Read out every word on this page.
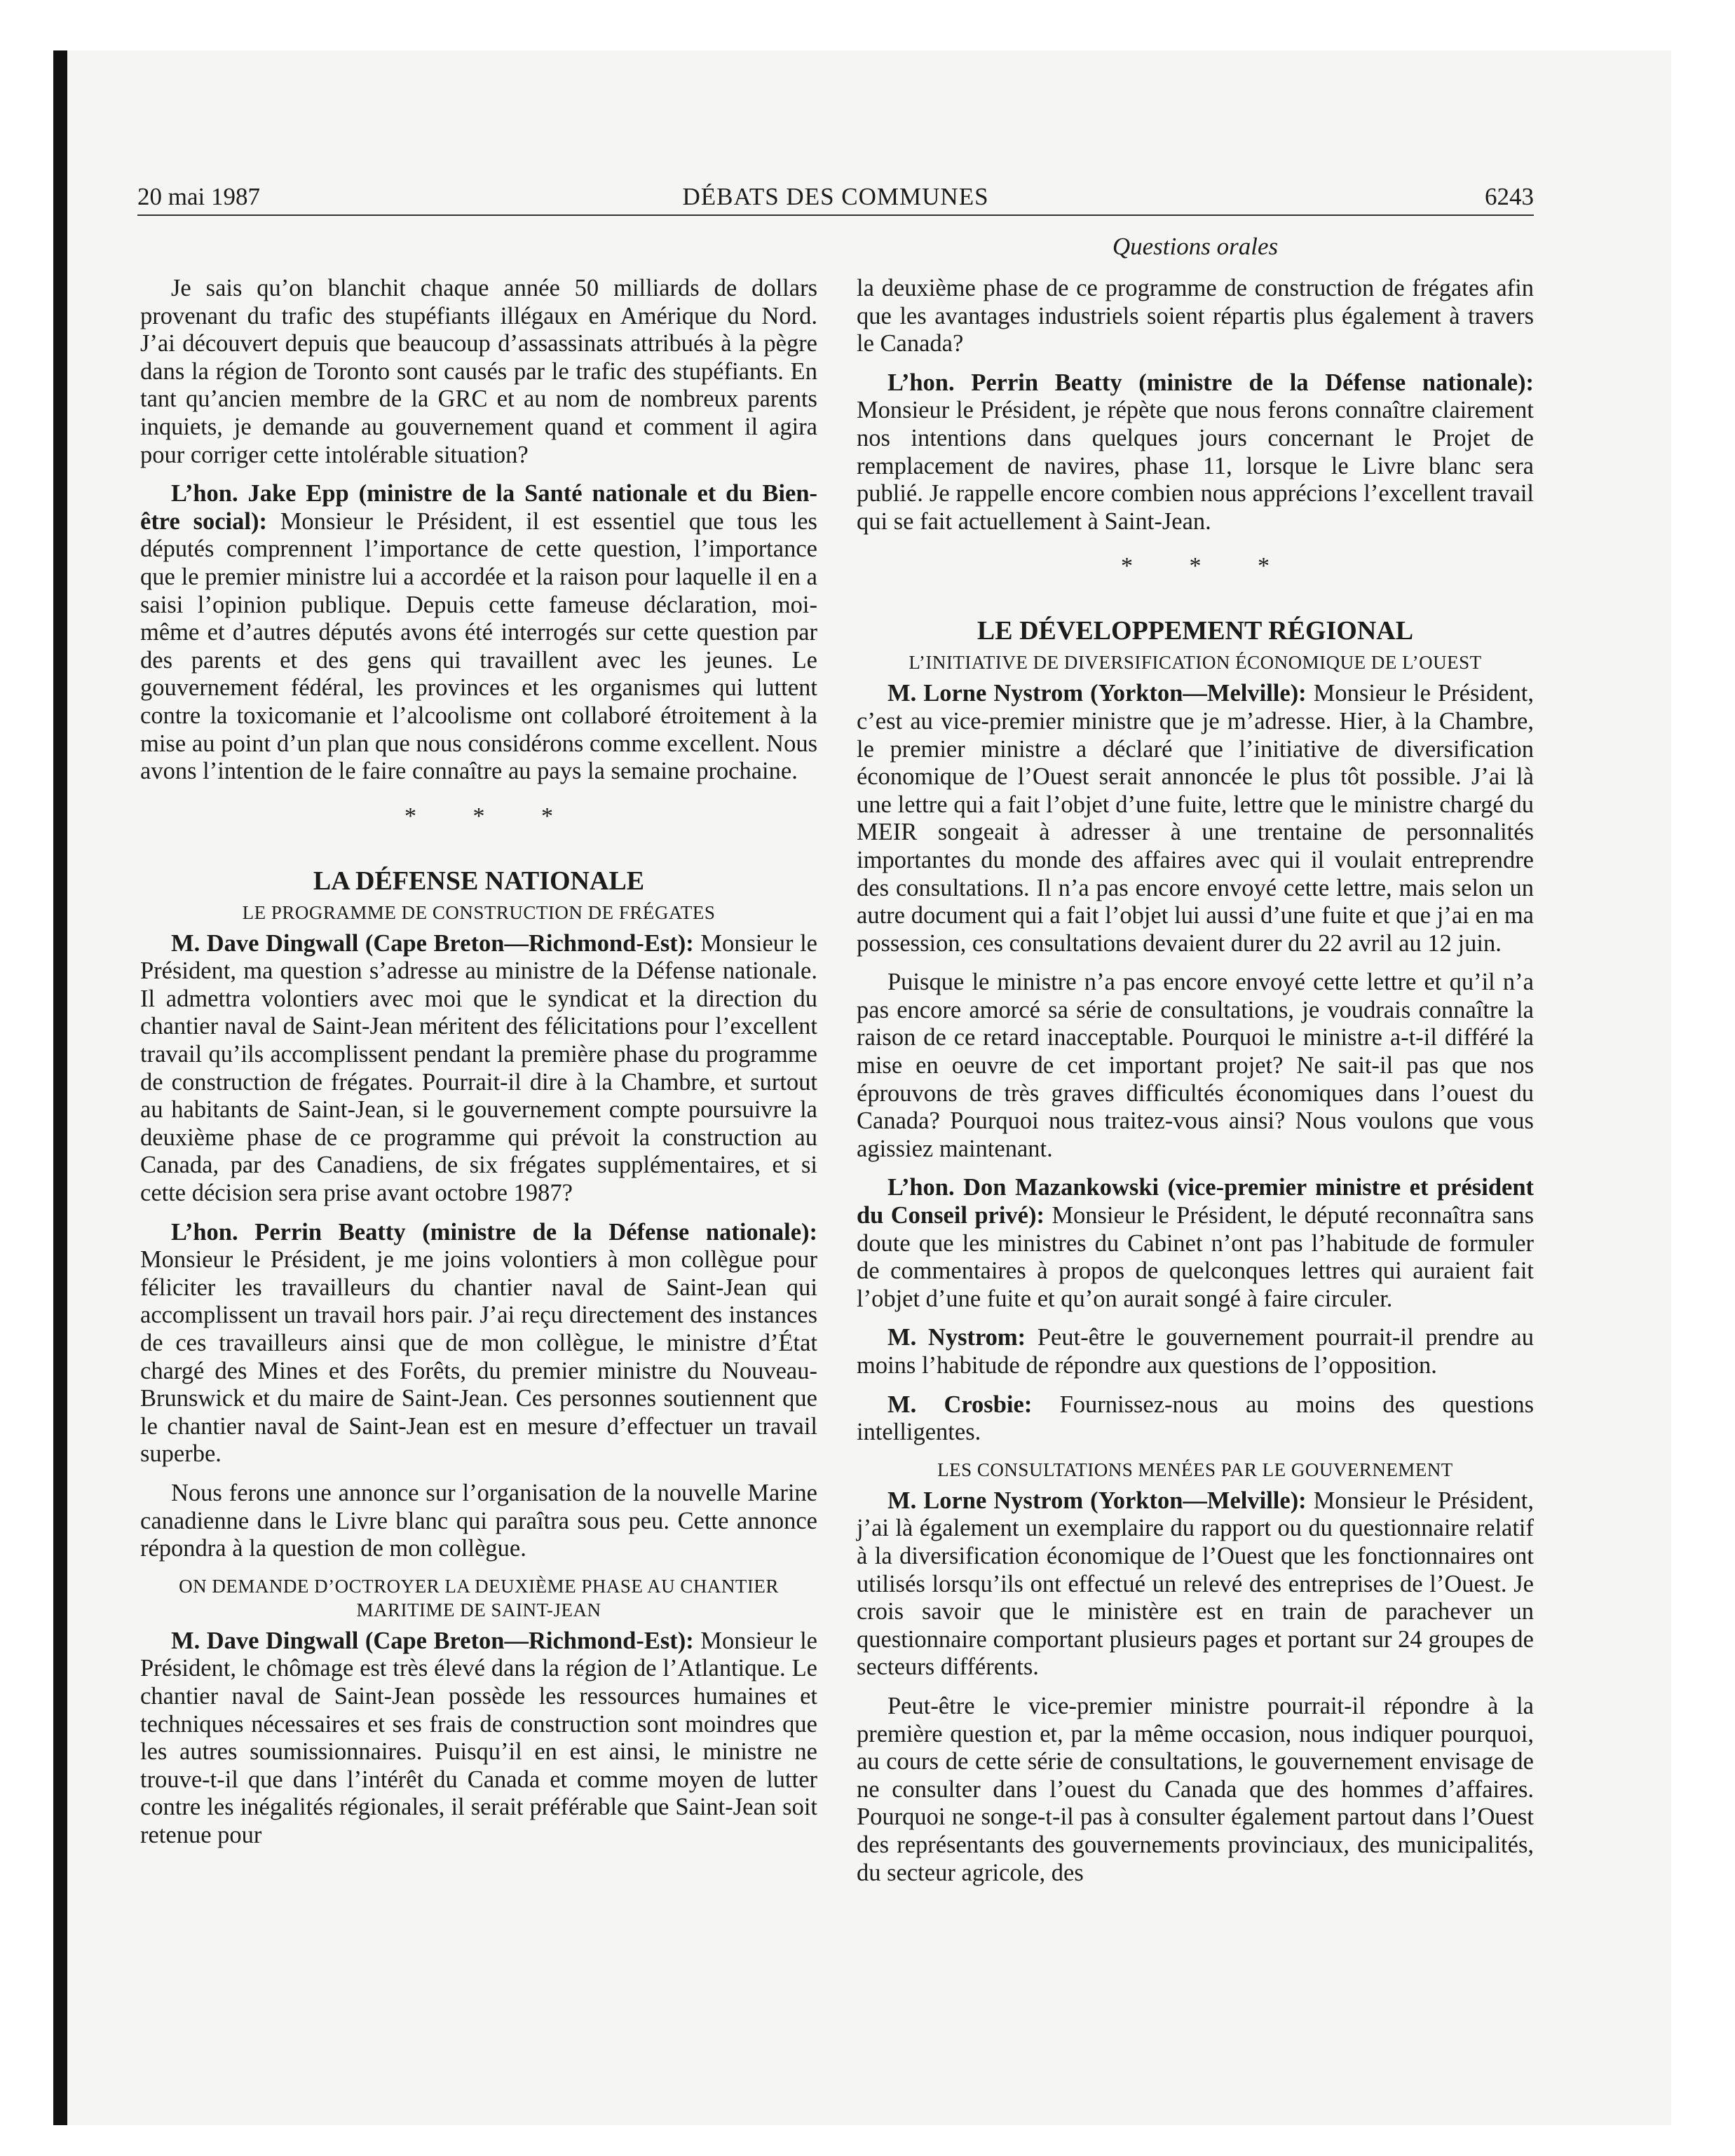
20 mai 1987	DÉBATS DES COMMUNES	6243
Questions orales

Je sais qu’on blanchit chaque année 50 milliards de dollars provenant du trafic des stupéfiants illégaux en Amérique du Nord. J’ai découvert depuis que beaucoup d’assassinats attribués à la pègre dans la région de Toronto sont causés par le trafic des stupéfiants. En tant qu’ancien membre de la GRC et au nom de nombreux parents inquiets, je demande au gouvernement quand et comment il agira pour corriger cette intolérable situation?

L’hon. Jake Epp (ministre de la Santé nationale et du Bien-être social): Monsieur le Président, il est essentiel que tous les députés comprennent l’importance de cette question, l’importance que le premier ministre lui a accordée et la raison pour laquelle il en a saisi l’opinion publique. Depuis cette fameuse déclaration, moi-même et d’autres députés avons été interrogés sur cette question par des parents et des gens qui travaillent avec les jeunes. Le gouvernement fédéral, les provinces et les organismes qui luttent contre la toxicomanie et l’alcoolisme ont collaboré étroitement à la mise au point d’un plan que nous considérons comme excellent. Nous avons l’intention de le faire connaître au pays la semaine prochaine.

* * *
LA DÉFENSE NATIONALE
LE PROGRAMME DE CONSTRUCTION DE FRÉGATES

M. Dave Dingwall (Cape Breton—Richmond-Est): Monsieur le Président, ma question s’adresse au ministre de la Défense nationale. Il admettra volontiers avec moi que le syndicat et la direction du chantier naval de Saint-Jean méritent des félicitations pour l’excellent travail qu’ils accomplissent pendant la première phase du programme de construction de frégates. Pourrait-il dire à la Chambre, et surtout au habitants de Saint-Jean, si le gouvernement compte poursuivre la deuxième phase de ce programme qui prévoit la construction au Canada, par des Canadiens, de six frégates supplémentaires, et si cette décision sera prise avant octobre 1987?

L’hon. Perrin Beatty (ministre de la Défense nationale): Monsieur le Président, je me joins volontiers à mon collègue pour féliciter les travailleurs du chantier naval de Saint-Jean qui accomplissent un travail hors pair. J’ai reçu directement des instances de ces travailleurs ainsi que de mon collègue, le ministre d’État chargé des Mines et des Forêts, du premier ministre du Nouveau-Brunswick et du maire de Saint-Jean. Ces personnes soutiennent que le chantier naval de Saint-Jean est en mesure d’effectuer un travail superbe.

Nous ferons une annonce sur l’organisation de la nouvelle Marine canadienne dans le Livre blanc qui paraîtra sous peu. Cette annonce répondra à la question de mon collègue.

ON DEMANDE D’OCTROYER LA DEUXIÈME PHASE AU CHANTIER MARITIME DE SAINT-JEAN

M. Dave Dingwall (Cape Breton—Richmond-Est): Monsieur le Président, le chômage est très élevé dans la région de l’Atlantique. Le chantier naval de Saint-Jean possède les ressources humaines et techniques nécessaires et ses frais de construction sont moindres que les autres soumissionnaires. Puisqu’il en est ainsi, le ministre ne trouve-t-il que dans l’intérêt du Canada et comme moyen de lutter contre les inégalités régionales, il serait préférable que Saint-Jean soit retenue pour

la deuxième phase de ce programme de construction de frégates afin que les avantages industriels soient répartis plus également à travers le Canada?

L’hon. Perrin Beatty (ministre de la Défense nationale): Monsieur le Président, je répète que nous ferons connaître clairement nos intentions dans quelques jours concernant le Projet de remplacement de navires, phase 11, lorsque le Livre blanc sera publié. Je rappelle encore combien nous apprécions l’excellent travail qui se fait actuellement à Saint-Jean.

* * *
LE DÉVELOPPEMENT RÉGIONAL
L’INITIATIVE DE DIVERSIFICATION ÉCONOMIQUE DE L’OUEST

M. Lorne Nystrom (Yorkton—Melville): Monsieur le Président, c’est au vice-premier ministre que je m’adresse. Hier, à la Chambre, le premier ministre a déclaré que l’initiative de diversification économique de l’Ouest serait annoncée le plus tôt possible. J’ai là une lettre qui a fait l’objet d’une fuite, lettre que le ministre chargé du MEIR songeait à adresser à une trentaine de personnalités importantes du monde des affaires avec qui il voulait entreprendre des consultations. Il n’a pas encore envoyé cette lettre, mais selon un autre document qui a fait l’objet lui aussi d’une fuite et que j’ai en ma possession, ces consultations devaient durer du 22 avril au 12 juin.

Puisque le ministre n’a pas encore envoyé cette lettre et qu’il n’a pas encore amorcé sa série de consultations, je voudrais connaître la raison de ce retard inacceptable. Pourquoi le ministre a-t-il différé la mise en oeuvre de cet important projet? Ne sait-il pas que nos éprouvons de très graves difficultés économiques dans l’ouest du Canada? Pourquoi nous traitez-vous ainsi? Nous voulons que vous agissiez maintenant.

L’hon. Don Mazankowski (vice-premier ministre et président du Conseil privé): Monsieur le Président, le député reconnaîtra sans doute que les ministres du Cabinet n’ont pas l’habitude de formuler de commentaires à propos de quelconques lettres qui auraient fait l’objet d’une fuite et qu’on aurait songé à faire circuler.

M. Nystrom: Peut-être le gouvernement pourrait-il prendre au moins l’habitude de répondre aux questions de l’opposition.

M. Crosbie: Fournissez-nous au moins des questions intelligentes.

LES CONSULTATIONS MENÉES PAR LE GOUVERNEMENT

M. Lorne Nystrom (Yorkton—Melville): Monsieur le Président, j’ai là également un exemplaire du rapport ou du questionnaire relatif à la diversification économique de l’Ouest que les fonctionnaires ont utilisés lorsqu’ils ont effectué un relevé des entreprises de l’Ouest. Je crois savoir que le ministère est en train de parachever un questionnaire comportant plusieurs pages et portant sur 24 groupes de secteurs différents.

Peut-être le vice-premier ministre pourrait-il répondre à la première question et, par la même occasion, nous indiquer pourquoi, au cours de cette série de consultations, le gouvernement envisage de ne consulter dans l’ouest du Canada que des hommes d’affaires. Pourquoi ne songe-t-il pas à consulter également partout dans l’Ouest des représentants des gouvernements provinciaux, des municipalités, du secteur agricole, des
